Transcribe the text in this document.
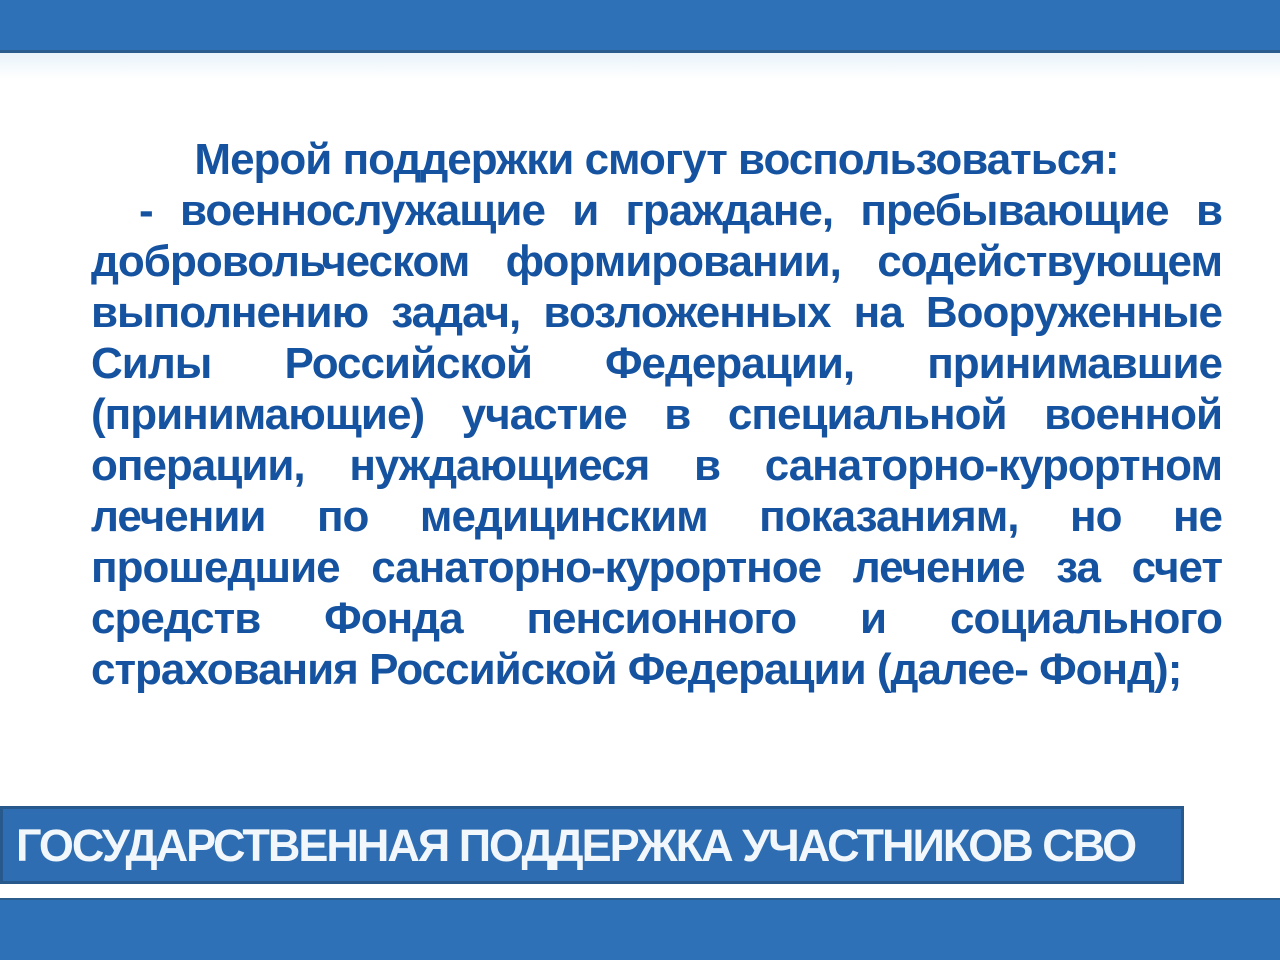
Мерой поддержки смогут воспользоваться:
- военнослужащие и граждане, пребывающие в
добровольческом формировании, содействующем
выполнению задач, возложенных на Вооруженные
Силы Российской Федерации, принимавшие
(принимающие) участие в специальной военной
операции, нуждающиеся в санаторно-курортном
лечении по медицинским показаниям, но не
прошедшие санаторно-курортное лечение за счет
средств Фонда пенсионного и социального
страхования Российской Федерации (далее- Фонд);
ГОСУДАРСТВЕННАЯ ПОДДЕРЖКА УЧАСТНИКОВ СВО
